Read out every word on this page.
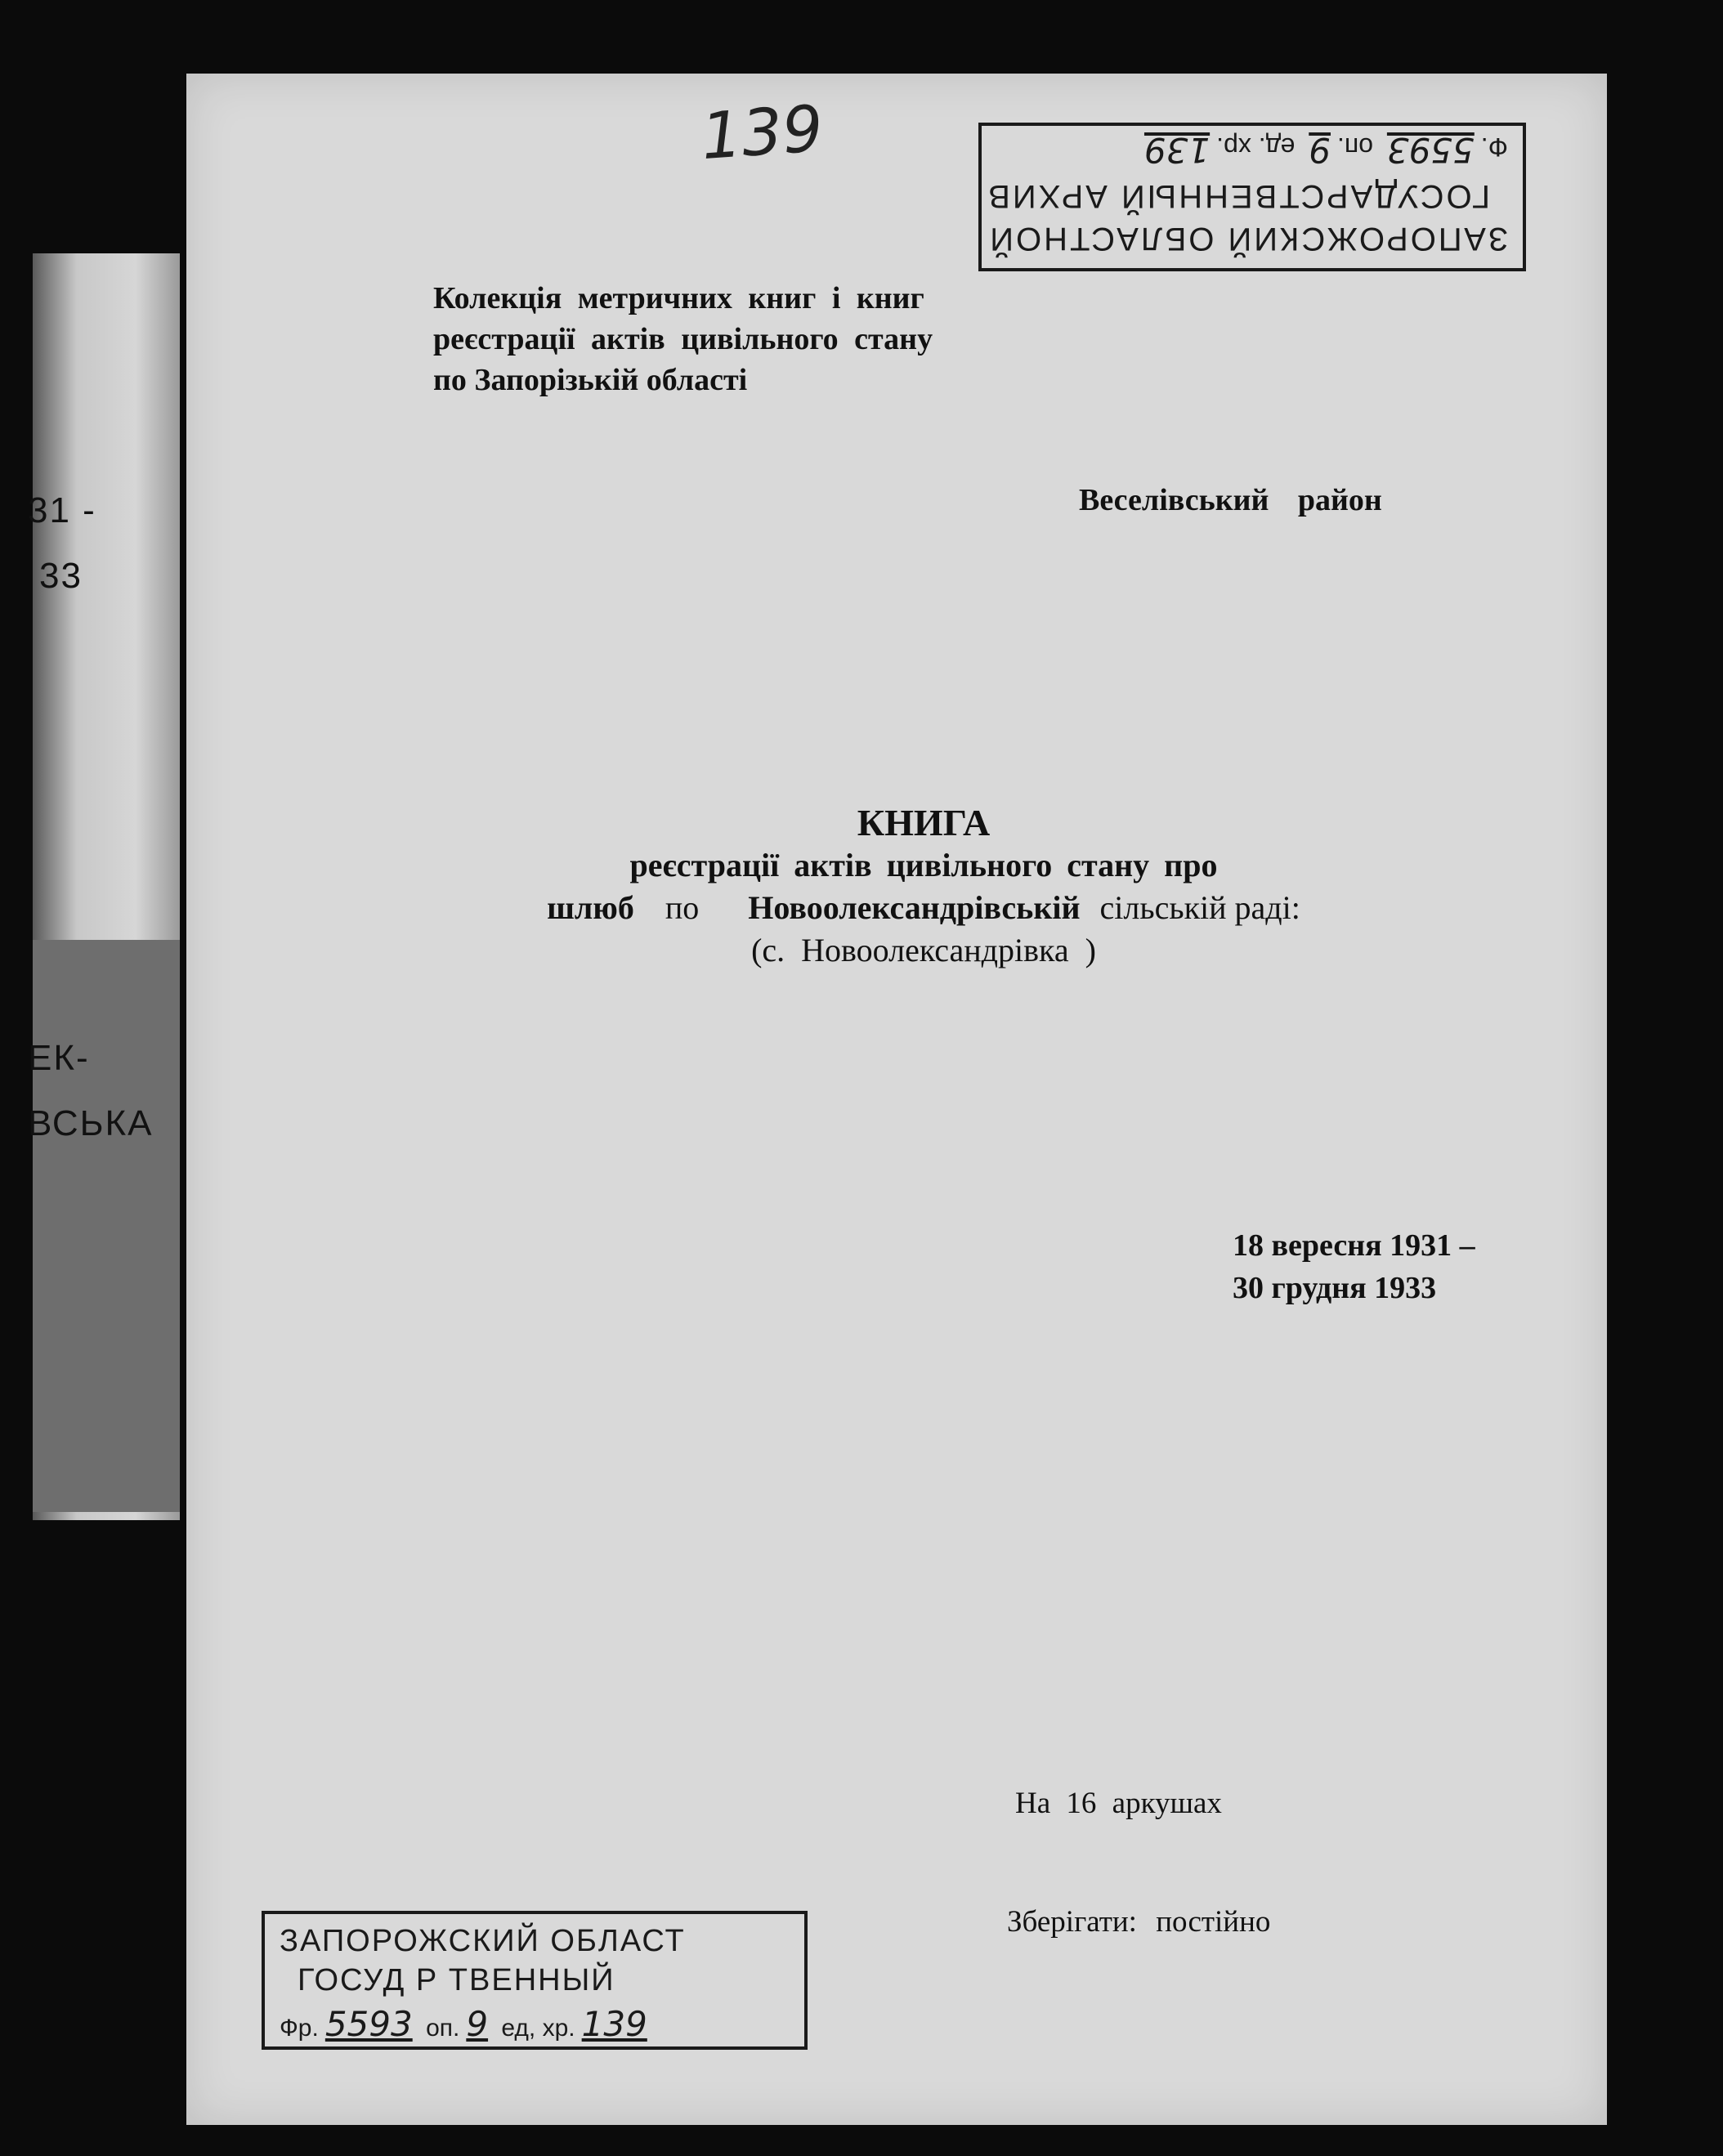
31 -
33
ЕК-
ВСЬКА
139
ЗАПОРОЖСКИЙ ОБЛАСТНОЙ
ГОСУДАРСТВЕННЫЙ АРХИВ
Ф.5593 оп.9 ед. хр.139
Колекція метричних книг і книг
реєстрації актів цивільного стану
по Запорізькій області
Веселівський район
КНИГА
реєстрації актів цивільного стану про
шлюб по Новоолександрівській сільській раді:
(с. Новоолександрівка )
18 вересня 1931 –
30 грудня 1933
На 16 аркушах
Зберігати: постійно
ЗАПОРОЖСКИЙ ОБЛАСТ
ГОСУД Р ТВЕННЫЙ
Фр. 5593 оп. 9 ед, хр. 139
